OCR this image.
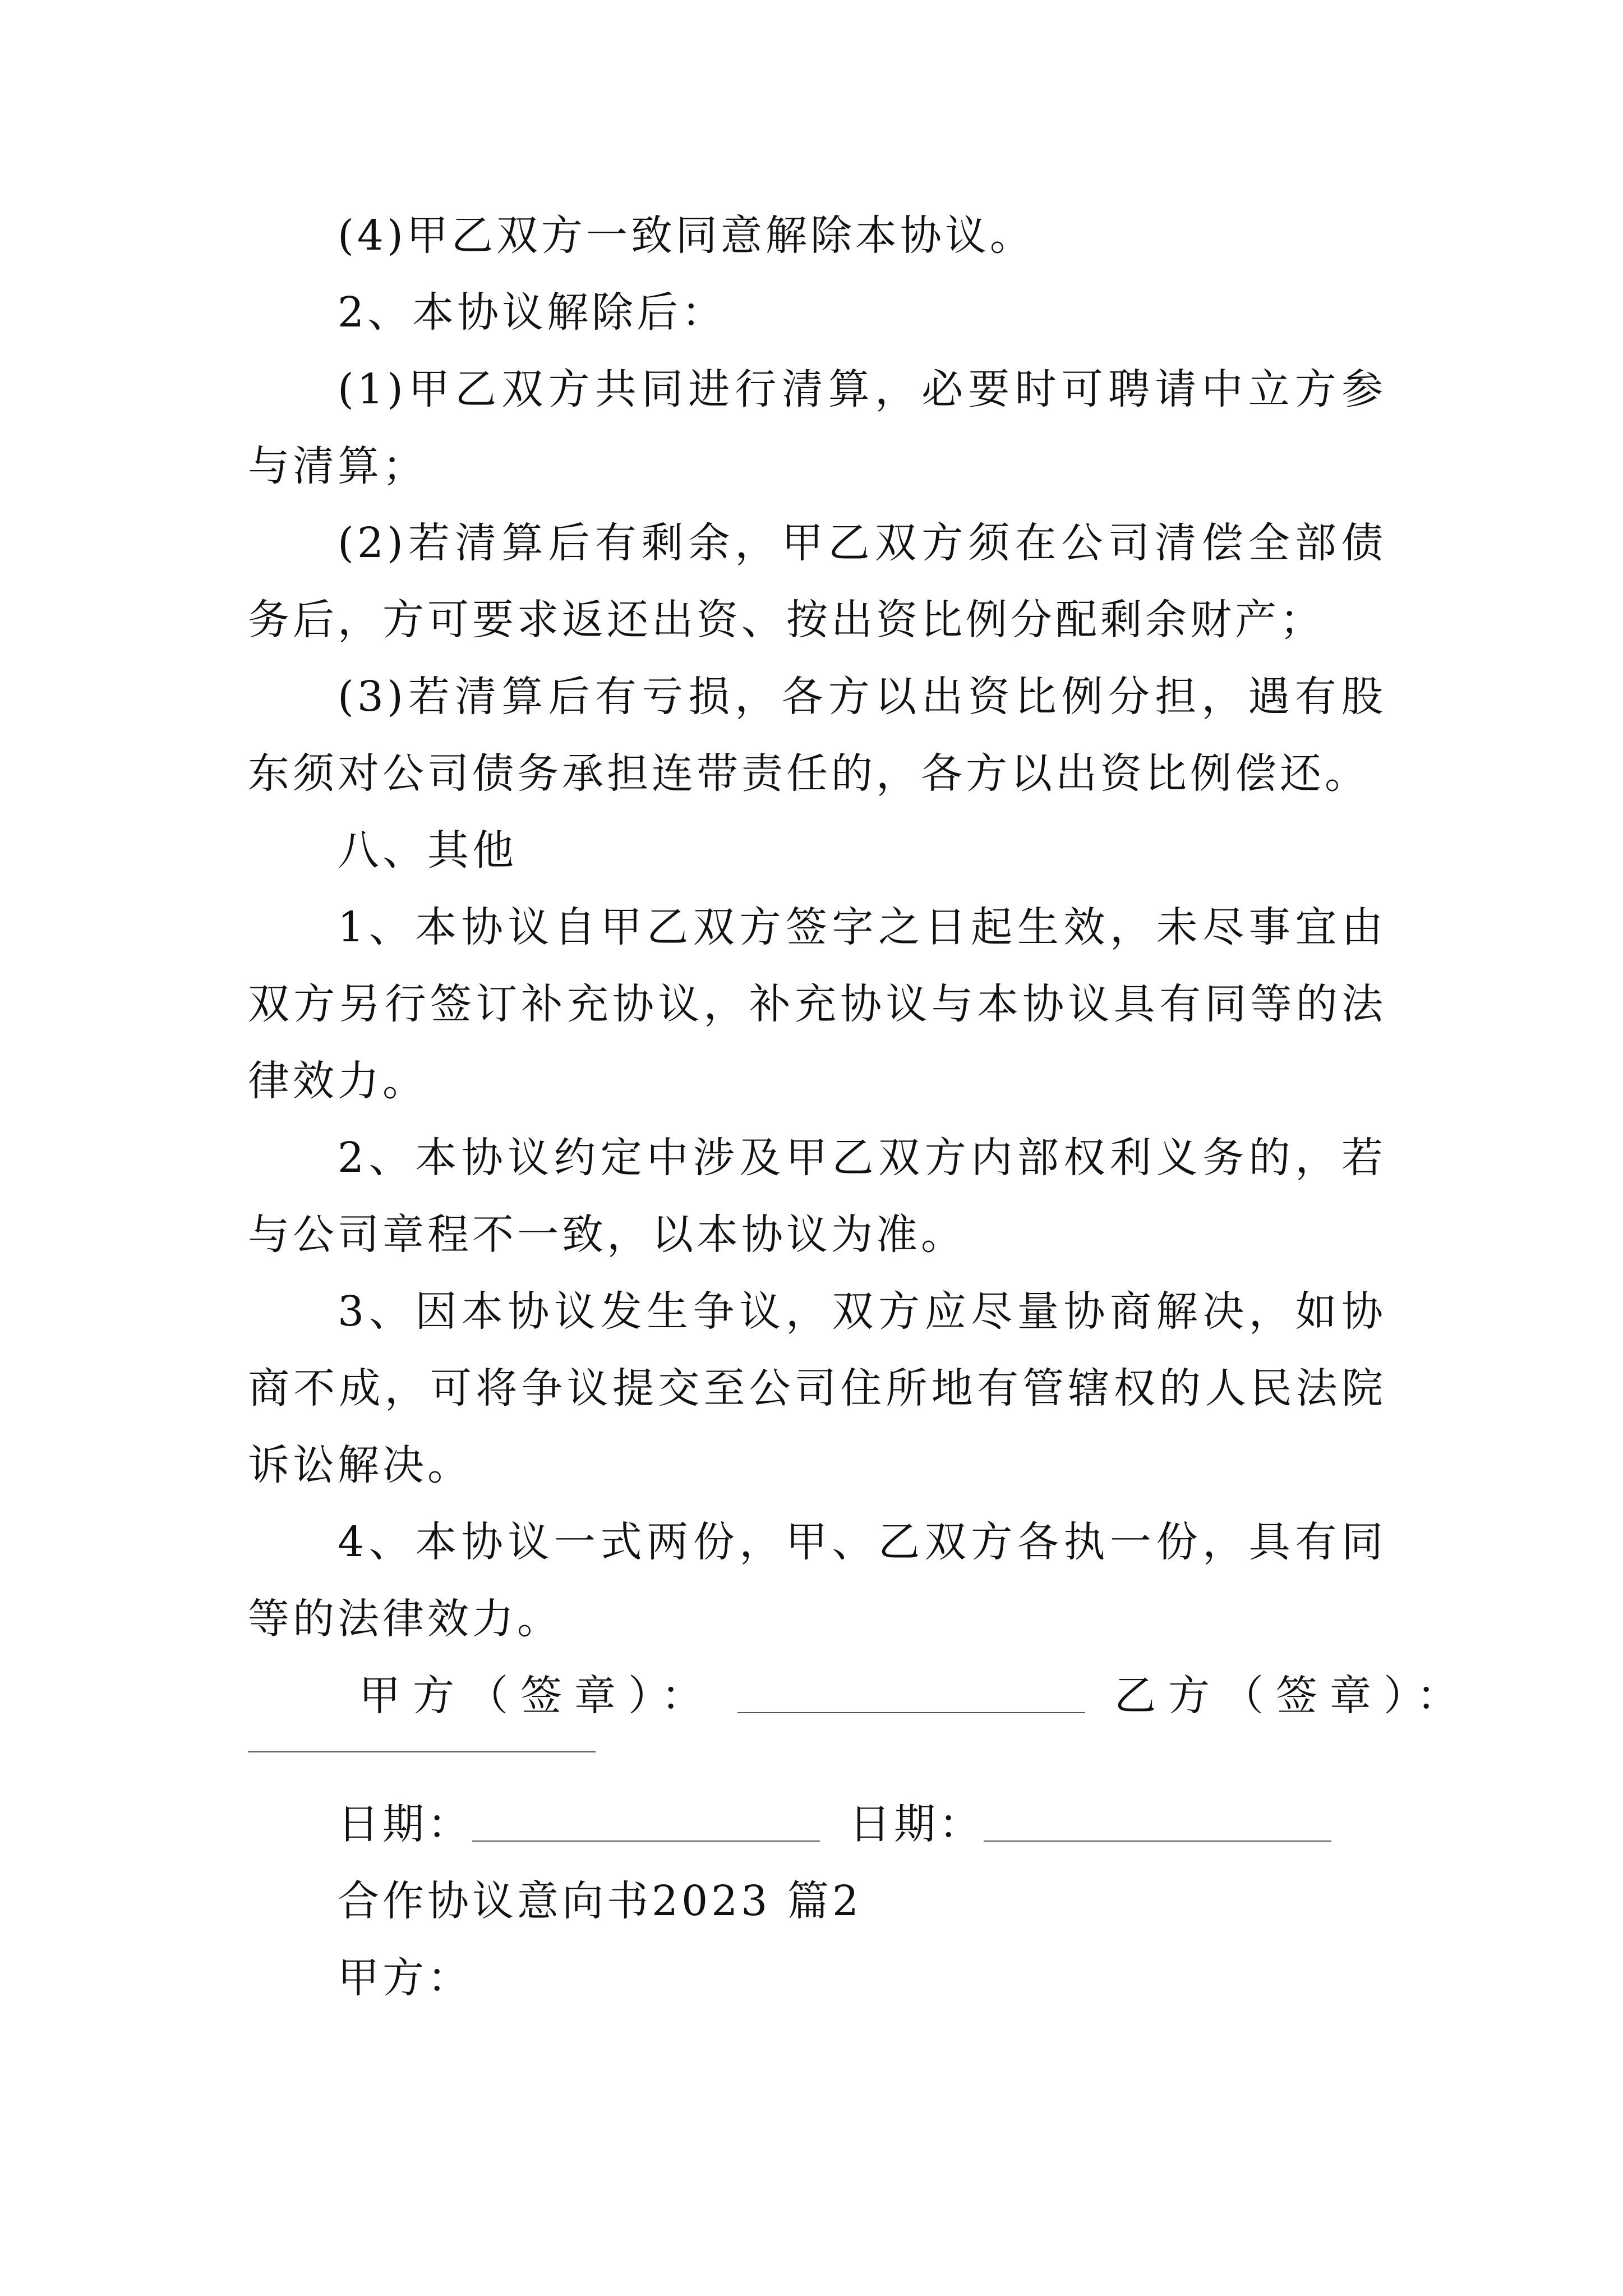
(4)甲乙双方一致同意解除本协议。

2、本协议解除后：

(1)甲乙双方共同进行清算，必要时可聘请中立方参与清算；

(2)若清算后有剩余，甲乙双方须在公司清偿全部债务后，方可要求返还出资、按出资比例分配剩余财产；

(3)若清算后有亏损，各方以出资比例分担，遇有股东须对公司债务承担连带责任的，各方以出资比例偿还。

八、其他

1、本协议自甲乙双方签字之日起生效，未尽事宜由双方另行签订补充协议，补充协议与本协议具有同等的法律效力。

2、本协议约定中涉及甲乙双方内部权利义务的，若与公司章程不一致，以本协议为准。

3、因本协议发生争议，双方应尽量协商解决，如协商不成，可将争议提交至公司住所地有管辖权的人民法院诉讼解决。

4、本协议一式两份，甲、乙双方各执一份，具有同等的法律效力。

甲方（签章）：	乙方（签章）：

日期：	日期：

合作协议意向书2023 篇2

甲方：
